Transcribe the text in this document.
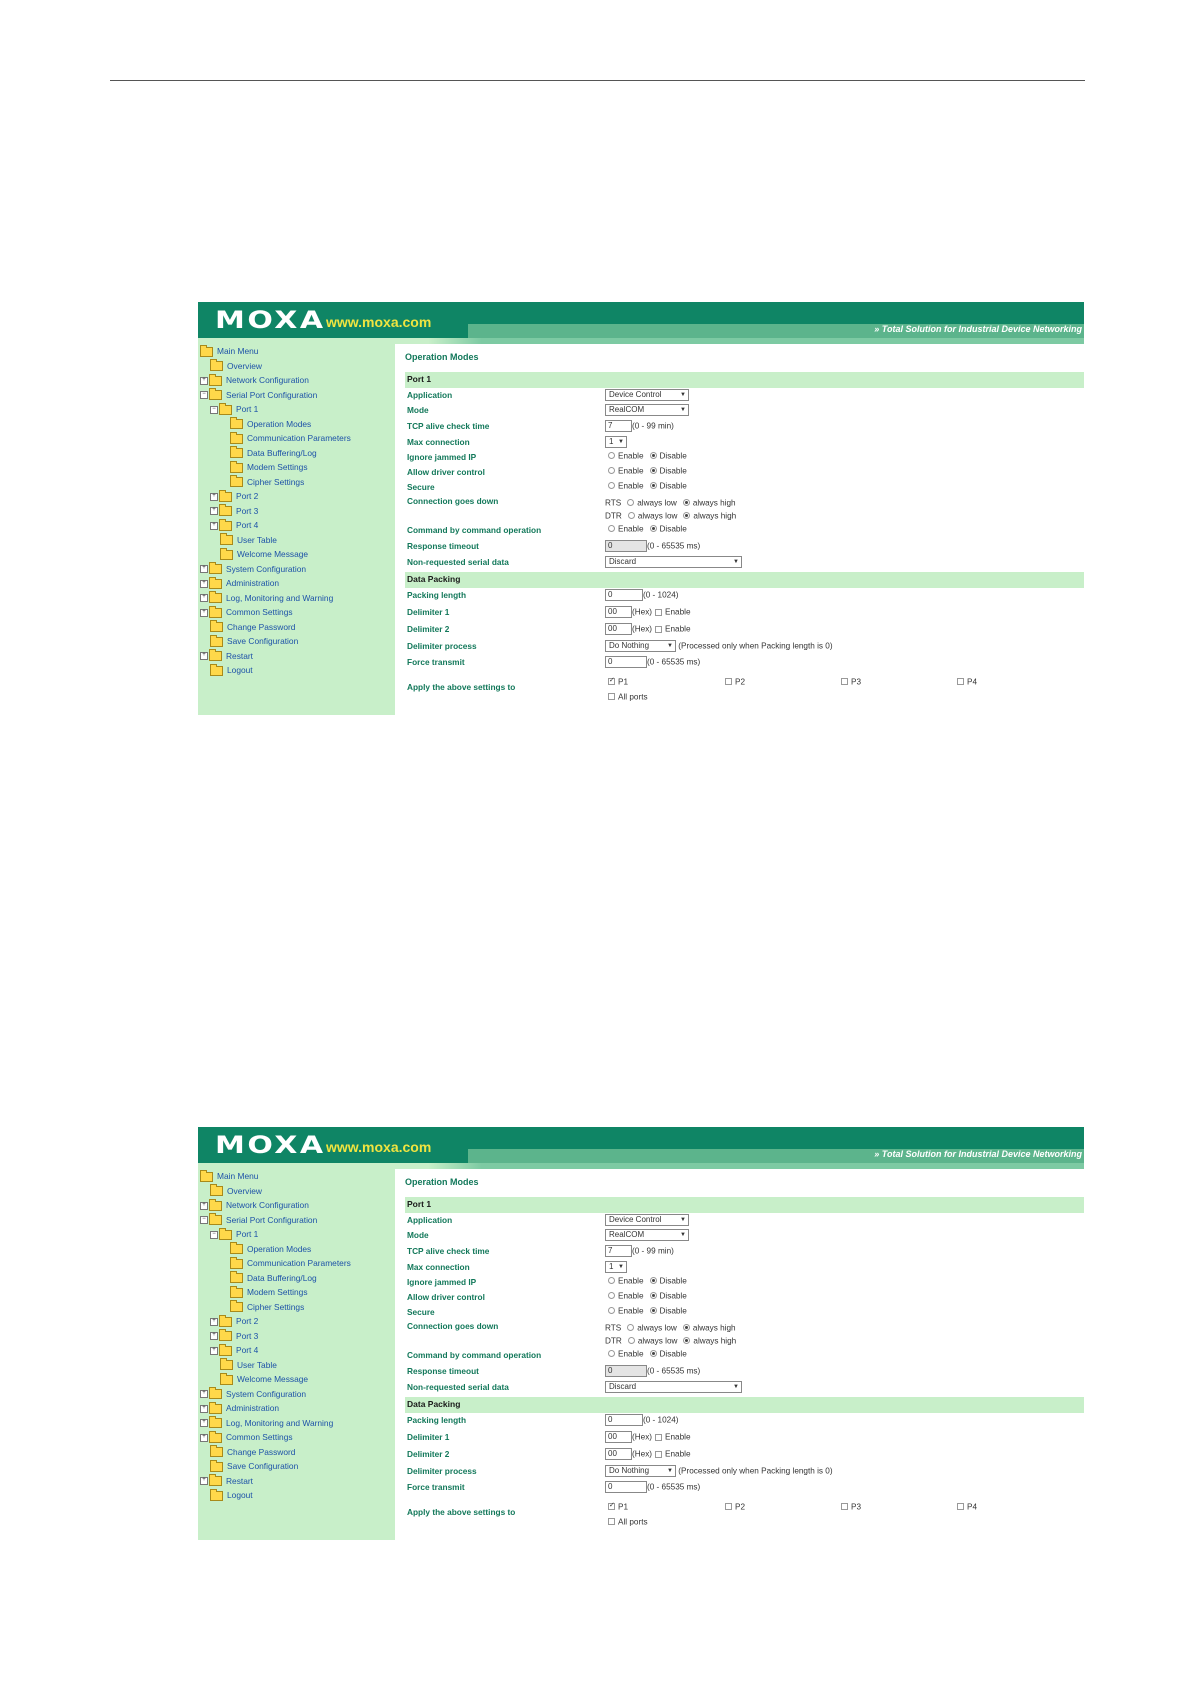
MOXA www.moxa.com	» Total Solution for Industrial Device Networking
Main Menu
Overview
+ Network Configuration
− Serial Port Configuration
− Port 1
Operation Modes
Communication Parameters
Data Buffering/Log
Modem Settings
Cipher Settings
+ Port 2
+ Port 3
+ Port 4
User Table
Welcome Message
+ System Configuration
+ Administration
+ Log, Monitoring and Warning
+ Common Settings
Change Password
Save Configuration
+ Restart
Logout
Operation Modes
Port 1
Application	Device Control	▼
Mode	RealCOM	▼
TCP alive check time	7 (0 - 99 min)
Max connection	1 ▼
Ignore jammed IP	Enable Disable
Allow driver control	Enable Disable
Secure	Enable Disable
Connection goes down	RTS always low always high
DTR always low always high
Command by command operation	Enable Disable
Response timeout	0	(0 - 65535 ms)
Non-requested serial data	Discard	▼
Data Packing
Packing length	0	(0 - 1024)
Delimiter 1	00 (Hex) Enable
Delimiter 2	00 (Hex) Enable
Delimiter process	Do Nothing	▼ (Processed only when Packing length is 0)
Force transmit	0	(0 - 65535 ms)
Apply the above settings to
✓P1	P2	P3	P4
All ports
MOXA www.moxa.com	» Total Solution for Industrial Device Networking
Main Menu
Overview
+ Network Configuration
− Serial Port Configuration
− Port 1
Operation Modes
Communication Parameters
Data Buffering/Log
Modem Settings
Cipher Settings
+ Port 2
+ Port 3
+ Port 4
User Table
Welcome Message
+ System Configuration
+ Administration
+ Log, Monitoring and Warning
+ Common Settings
Change Password
Save Configuration
+ Restart
Logout
Operation Modes
Port 1
Application	Device Control	▼
Mode	RealCOM	▼
TCP alive check time	7 (0 - 99 min)
Max connection	1 ▼
Ignore jammed IP	Enable Disable
Allow driver control	Enable Disable
Secure	Enable Disable
Connection goes down	RTS always low always high
DTR always low always high
Command by command operation	Enable Disable
Response timeout	0	(0 - 65535 ms)
Non-requested serial data	Discard	▼
Data Packing
Packing length	0	(0 - 1024)
Delimiter 1	00 (Hex) Enable
Delimiter 2	00 (Hex) Enable
Delimiter process	Do Nothing	▼ (Processed only when Packing length is 0)
Force transmit	0	(0 - 65535 ms)
Apply the above settings to
✓P1	P2	P3	P4
All ports
